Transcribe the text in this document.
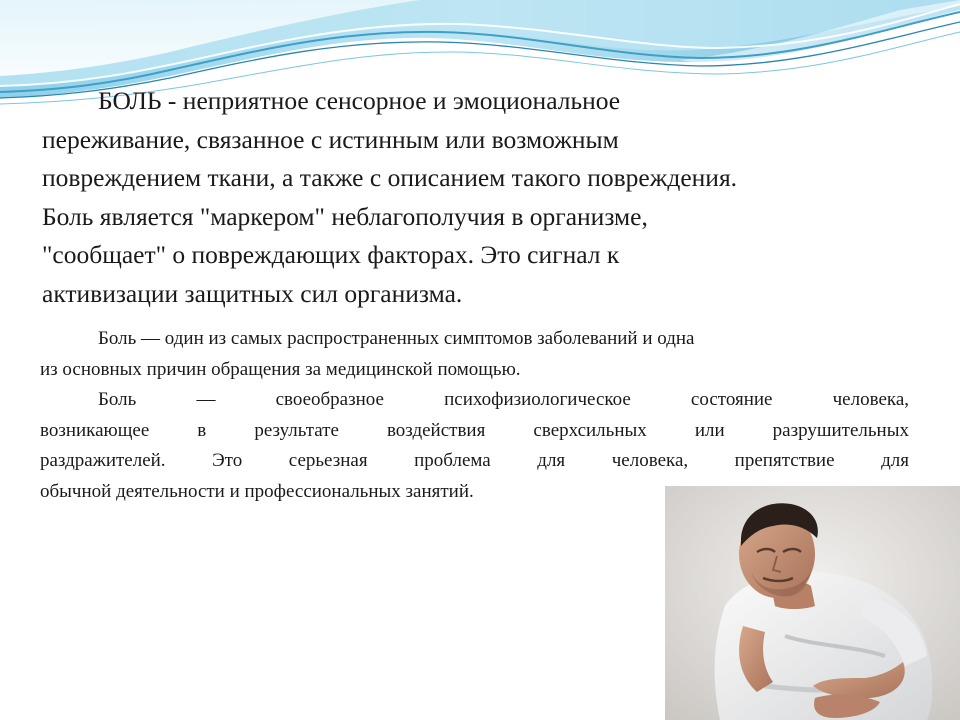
БОЛЬ - неприятное сенсорное и эмоциональное
переживание, связанное с истинным или возможным
повреждением ткани, а также с описанием такого повреждения.
Боль является "маркером" неблагополучия в организме,
"сообщает" о повреждающих факторах. Это сигнал к
активизации защитных сил организма.
Боль — один из самых распространенных симптомов заболеваний и одна
из основных причин обращения за медицинской помощью.
Боль — своеобразное психофизиологическое состояние человека,
возникающее в результате воздействия сверхсильных или разрушительных
раздражителей. Это серьезная проблема для человека, препятствие для
обычной деятельности и профессиональных занятий.
